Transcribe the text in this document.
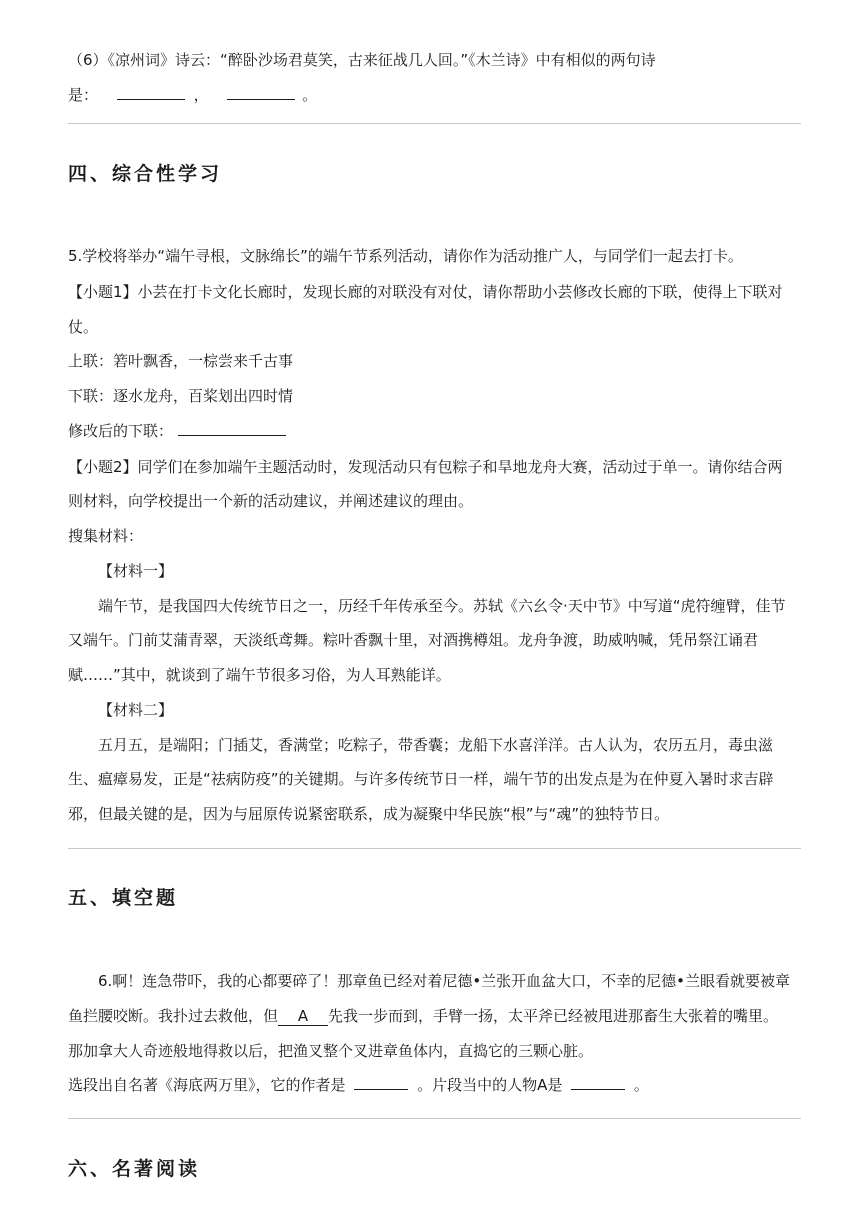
（6）《凉州词》诗云：“醉卧沙场君莫笑，古来征战几人回。”《木兰诗》中有相似的两句诗
是：	，	。
四、综合性学习
5.学校将举办“端午寻根，文脉绵长”的端午节系列活动，请你作为活动推广人，与同学们一起去打卡。
【小题1】小芸在打卡文化长廊时，发现长廊的对联没有对仗，请你帮助小芸修改长廊的下联，使得上下联对
仗。
上联：箬叶飘香，一棕尝来千古事
下联：逐水龙舟，百桨划出四时情
修改后的下联：
【小题2】同学们在参加端午主题活动时，发现活动只有包粽子和旱地龙舟大赛，活动过于单一。请你结合两
则材料，向学校提出一个新的活动建议，并阐述建议的理由。
搜集材料：
【材料一】
端午节，是我国四大传统节日之一，历经千年传承至今。苏轼《六幺令·天中节》中写道“虎符缠臂，佳节
又端午。门前艾蒲青翠，天淡纸鸢舞。粽叶香飘十里，对酒携樽俎。龙舟争渡，助威呐喊，凭吊祭江诵君
赋……”其中，就谈到了端午节很多习俗，为人耳熟能详。
【材料二】
五月五，是端阳；门插艾，香满堂；吃粽子，带香囊；龙船下水喜洋洋。古人认为，农历五月，毒虫滋
生、瘟瘴易发，正是“祛病防疫”的关键期。与许多传统节日一样，端午节的出发点是为在仲夏入暑时求吉辟
邪，但最关键的是，因为与屈原传说紧密联系，成为凝聚中华民族“根”与“魂”的独特节日。
五、填空题
6.啊！连急带吓，我的心都要碎了！那章鱼已经对着尼德•兰张开血盆大口，不幸的尼德•兰眼看就要被章
鱼拦腰咬断。我扑过去救他，但 A 先我一步而到，手臂一扬，太平斧已经被甩进那畜生大张着的嘴里。
那加拿大人奇迹般地得救以后，把渔叉整个叉进章鱼体内，直捣它的三颗心脏。
选段出自名著《海底两万里》，它的作者是	。片段当中的人物A是	。
六、名著阅读
